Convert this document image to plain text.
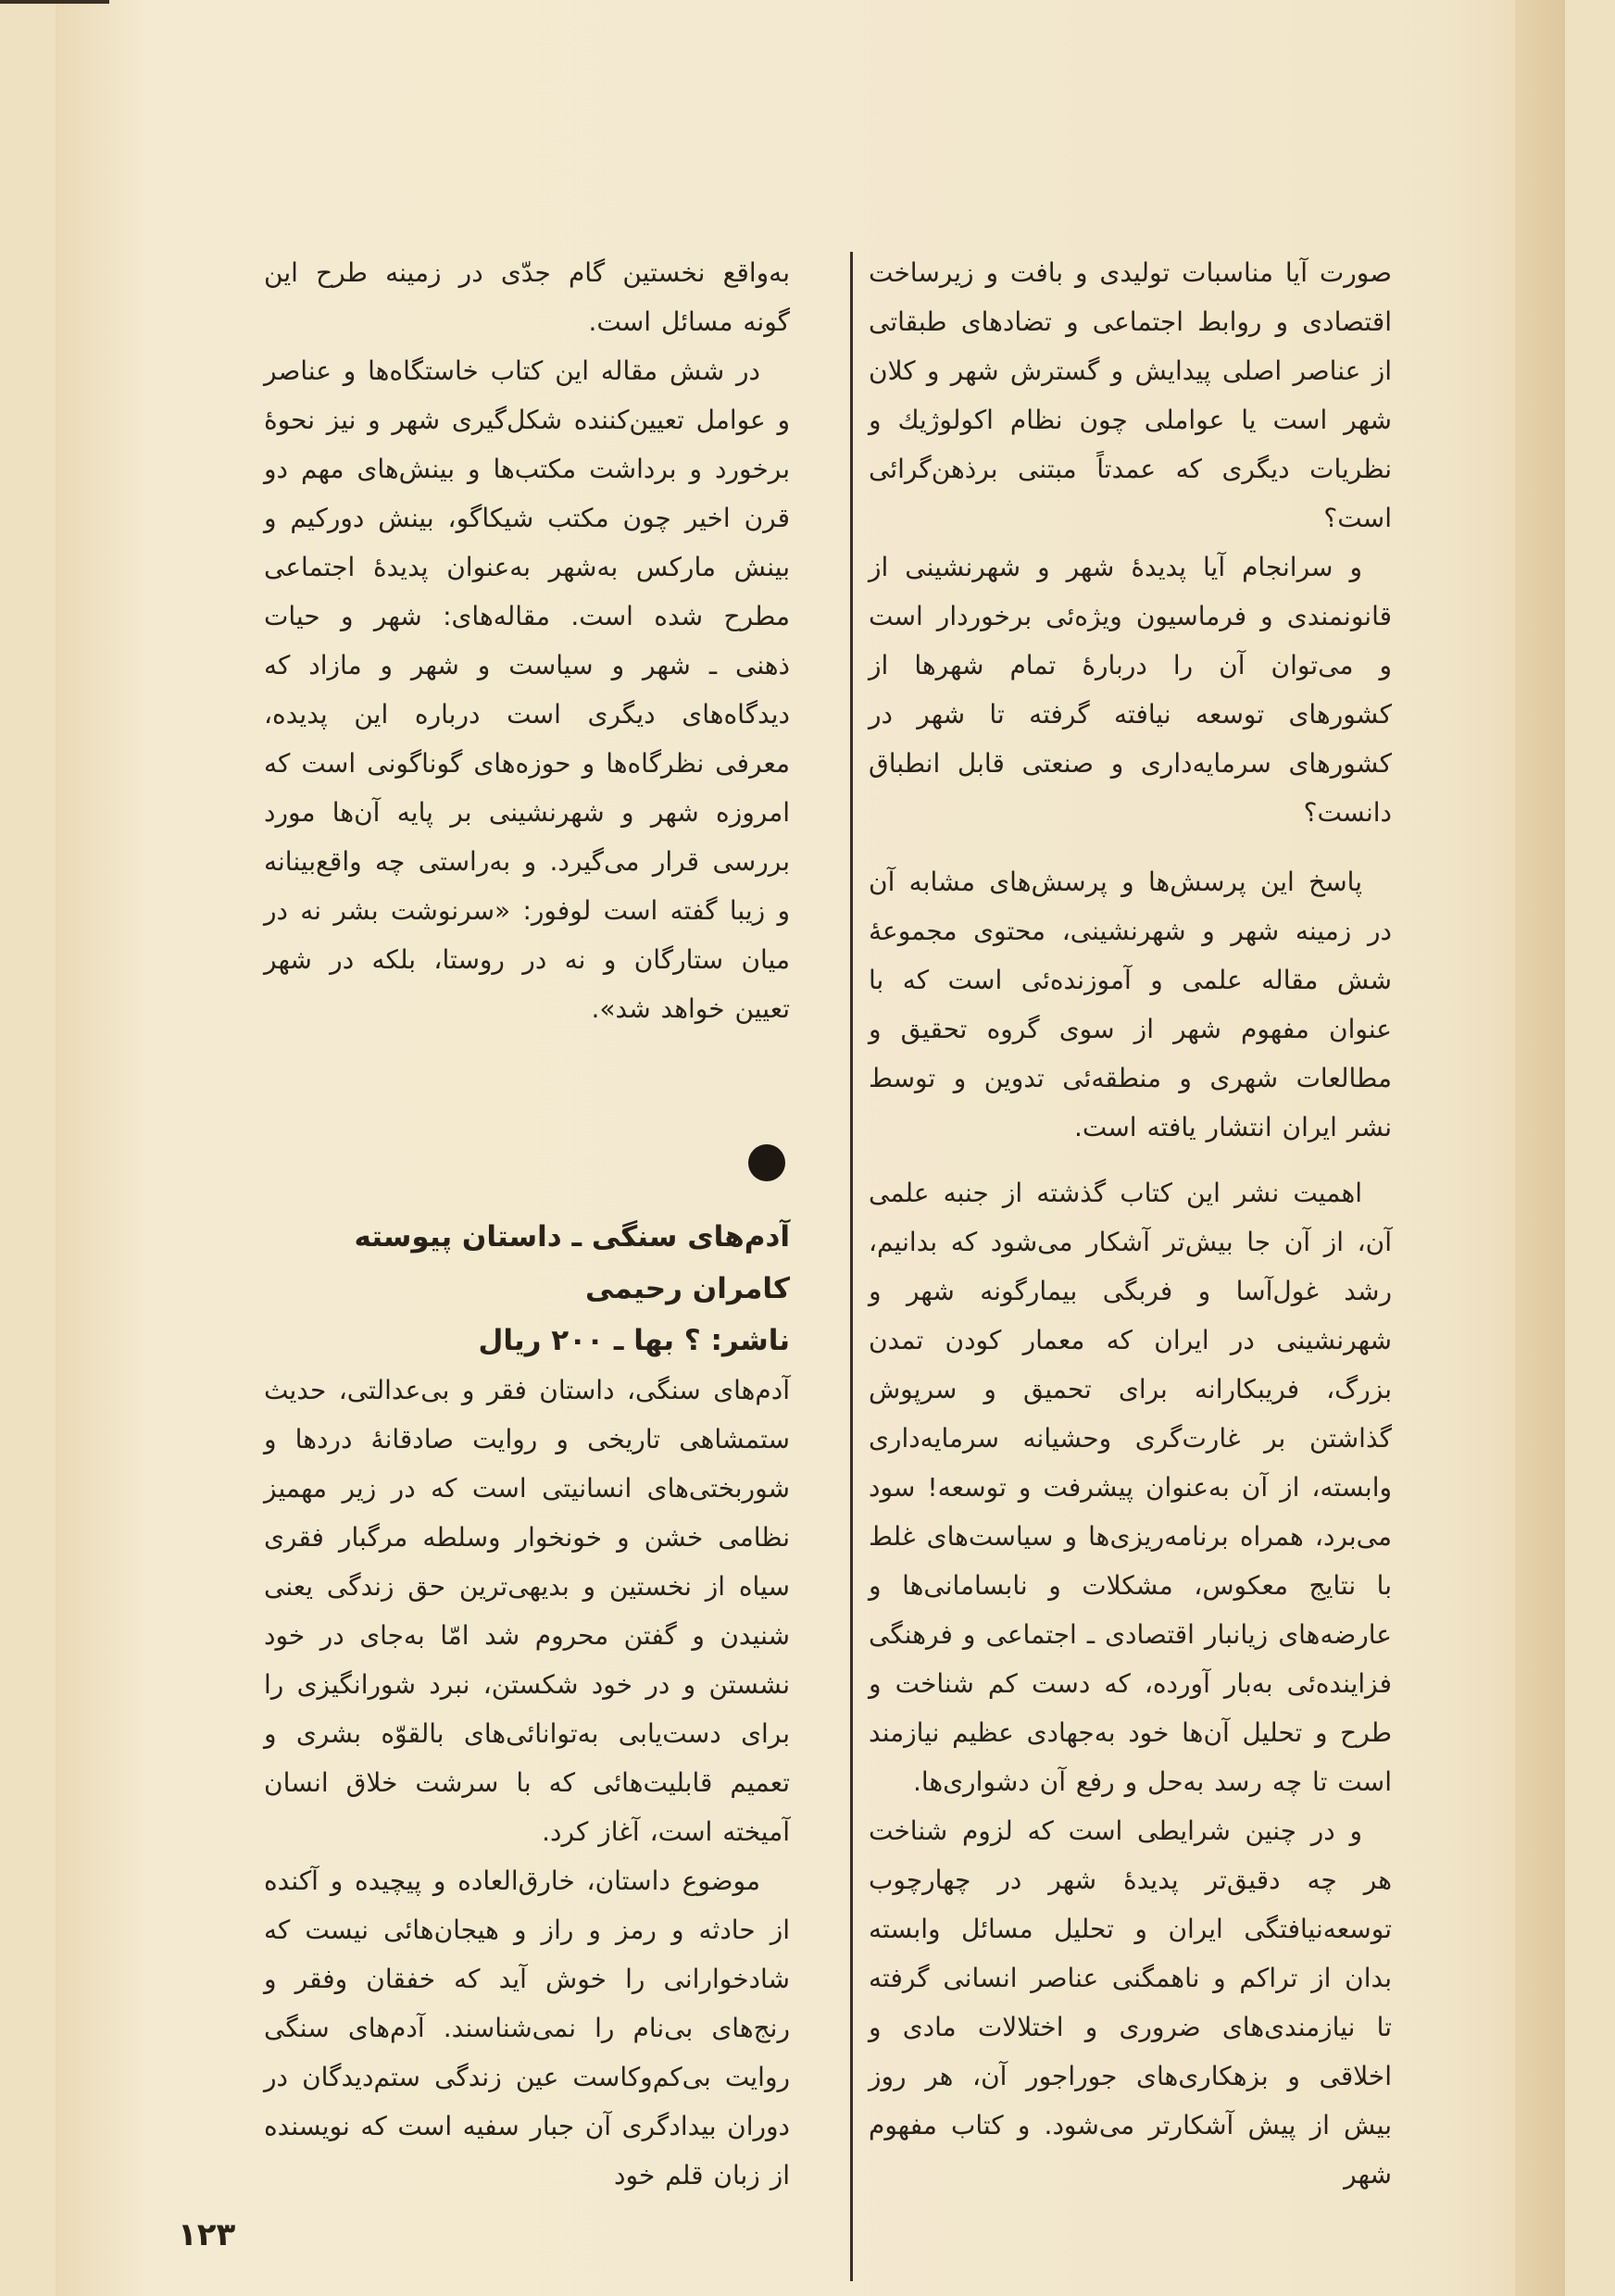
صورت آیا مناسبات تولیدی و بافت و زیرساخت اقتصادی و روابط اجتماعی و تضادهای طبقاتی از عناصر اصلی پیدایش و گسترش شهر و کلان شهر است یا عواملی چون نظام اکولوژیك و نظریات دیگری که عمدتاً مبتنی برذهن‌گرائی است؟

و سرانجام آیا پدیدهٔ شهر و شهرنشینی از قانونمندی و فرماسیون ویژه‌ئی برخوردار است و می‌توان آن را دربارهٔ تمام شهرها از کشورهای توسعه نیافته گرفته تا شهر در کشورهای سرمایه‌داری و صنعتی قابل انطباق دانست؟

پاسخ این پرسش‌ها و پرسش‌های مشابه آن در زمینه شهر و شهرنشینی، محتوی مجموعهٔ شش مقاله علمی و آموزنده‌ئی است که با عنوان مفهوم شهر از سوی گروه تحقیق و مطالعات شهری و منطقه‌ئی تدوین و توسط نشر ایران انتشار یافته است.

اهمیت نشر این کتاب گذشته از جنبه علمی آن، از آن جا بیش‌تر آشکار می‌شود که بدانیم، رشد غول‌آسا و فربگی بیمارگونه شهر و شهرنشینی در ایران که معمار کودن تمدن بزرگ، فریبکارانه برای تحمیق و سرپوش گذاشتن بر غارت‌گری وحشیانه سرمایه‌داری وابسته، از آن به‌عنوان پیشرفت و توسعه! سود می‌برد، همراه برنامه‌ریزی‌ها و سیاست‌های غلط با نتایج معکوس، مشکلات و نابسامانی‌ها و عارضه‌های زیانبار اقتصادی ـ اجتماعی و فرهنگی فزاینده‌ئی به‌بار آورده، که دست کم شناخت و طرح و تحلیل آن‌ها خود به‌جهادی عظیم نیازمند است تا چه رسد به‌حل و رفع آن دشواری‌ها.

و در چنین شرایطی است که لزوم شناخت هر چه دقیق‌تر پدیدهٔ شهر در چهارچوب توسعه‌نیافتگی ایران و تحلیل مسائل وابسته بدان از تراکم و ناهمگنی عناصر انسانی گرفته تا نیازمندی‌های ضروری و اختلالات مادی و اخلاقی و بزهکاری‌های جوراجور آن، هر روز بیش از پیش آشکارتر می‌شود. و کتاب مفهوم شهر

به‌واقع نخستین گام جدّی در زمینه طرح این گونه مسائل است.

در شش مقاله این کتاب خاستگاه‌ها و عناصر و عوامل تعیین‌کننده شکل‌گیری شهر و نیز نحوهٔ برخورد و برداشت مکتب‌ها و بینش‌های مهم دو قرن اخیر چون مکتب شیکاگو، بینش دورکیم و بینش مارکس به‌شهر به‌عنوان پدیدهٔ اجتماعی مطرح شده است. مقاله‌های: شهر و حیات ذهنی ـ شهر و سیاست و شهر و مازاد که دیدگاه‌های دیگری است درباره این پدیده، معرفی نظرگاه‌ها و حوزه‌های گوناگونی است که امروزه شهر و شهرنشینی بر پایه آن‌ها مورد بررسی قرار می‌گیرد. و به‌راستی چه واقع‌بینانه و زیبا گفته است لوفور: «سرنوشت بشر نه در میان ستارگان و نه در روستا، بلکه در شهر تعیین خواهد شد».

آدم‌های سنگی ـ داستان پیوسته
کامران رحیمی
ناشر: ؟ بها ـ ۲۰۰ ریال

آدم‌های سنگی، داستان فقر و بی‌عدالتی، حدیث ستمشاهی تاریخی و روایت صادقانهٔ دردها و شوربختی‌های انسانیتی است که در زیر مهمیز نظامی خشن و خونخوار وسلطه مرگبار فقری سیاه از نخستین و بدیهی‌ترین حق زندگی یعنی شنیدن و گفتن محروم شد امّا به‌جای در خود نشستن و در خود شکستن، نبرد شورانگیزی را برای دست‌یابی به‌توانائی‌های بالقوّه بشری و تعمیم قابلیت‌هائی که با سرشت خلاق انسان آمیخته است، آغاز کرد.

موضوع داستان، خارق‌العاده و پیچیده و آکنده از حادثه و رمز و راز و هیجان‌هائی نیست که شادخوارانی را خوش آید که خفقان وفقر و رنج‌های بی‌نام را نمی‌شناسند. آدم‌های سنگی روایت بی‌کم‌وکاست عین زندگی ستم‌دیدگان در دوران بیدادگری آن جبار سفیه است که نویسنده از زبان قلم خود

۱۲۳
